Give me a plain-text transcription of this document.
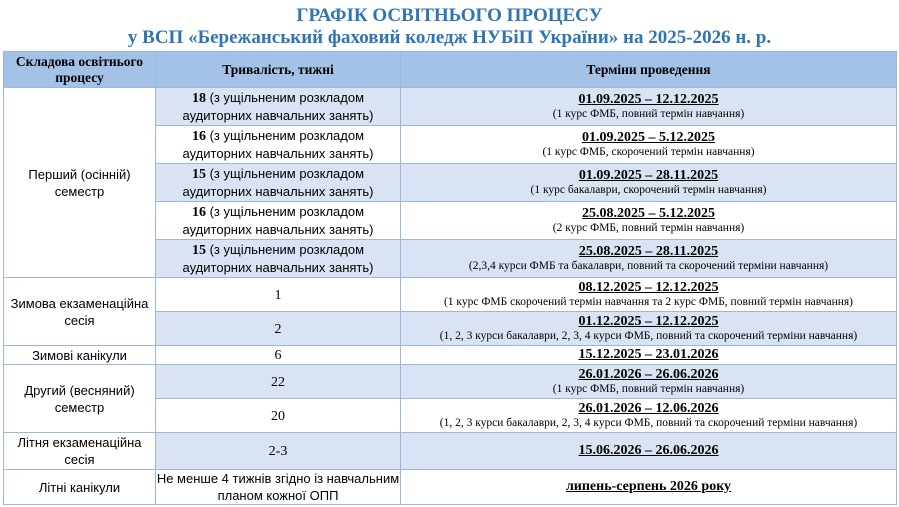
ГРАФІК ОСВІТНЬОГО ПРОЦЕСУ
у ВСП «Бережанський фаховий коледж НУБіП України» на 2025-2026 н. р.
Складова освітнього процесу	Тривалість, тижні	Терміни проведення
Перший (осінній) семестр	18 (з ущільненим розкладом аудиторних навчальних занять)	01.09.2025 – 12.12.2025
(1 курс ФМБ, повний термін навчання)

	16 (з ущільненим розкладом аудиторних навчальних занять)	01.09.2025 – 5.12.2025
(1 курс ФМБ, скорочений термін навчання)

	15 (з ущільненим розкладом аудиторних навчальних занять)	01.09.2025 – 28.11.2025
(1 курс бакалаври, скорочений термін навчання)

	16 (з ущільненим розкладом аудиторних навчальних занять)	25.08.2025 – 5.12.2025
(2 курс ФМБ, повний термін навчання)

	15 (з ущільненим розкладом аудиторних навчальних занять)	25.08.2025 – 28.11.2025
(2,3,4 курси ФМБ та бакалаври, повний та скорочений терміни навчання)

Зимова екзаменаційна сесія	1	08.12.2025 – 12.12.2025
(1 курс ФМБ скорочений термін навчання та 2 курс ФМБ, повний термін навчання)

	2	01.12.2025 – 12.12.2025
(1, 2, 3 курси бакалаври, 2, 3, 4 курси ФМБ, повний та скорочений терміни навчання)

Зимові канікули	6	15.12.2025 – 23.01.2026

Другий (весняний) семестр	22	26.01.2026 – 26.06.2026
(1 курс ФМБ, повний термін навчання)

	20	26.01.2026 – 12.06.2026
(1, 2, 3 курси бакалаври, 2, 3, 4 курси ФМБ, повний та скорочений терміни навчання)

Літня екзаменаційна сесія	2-3	15.06.2026 – 26.06.2026

Літні канікули	Не менше 4 тижнів згідно із навчальним планом кожної ОПП	липень-серпень 2026 року
